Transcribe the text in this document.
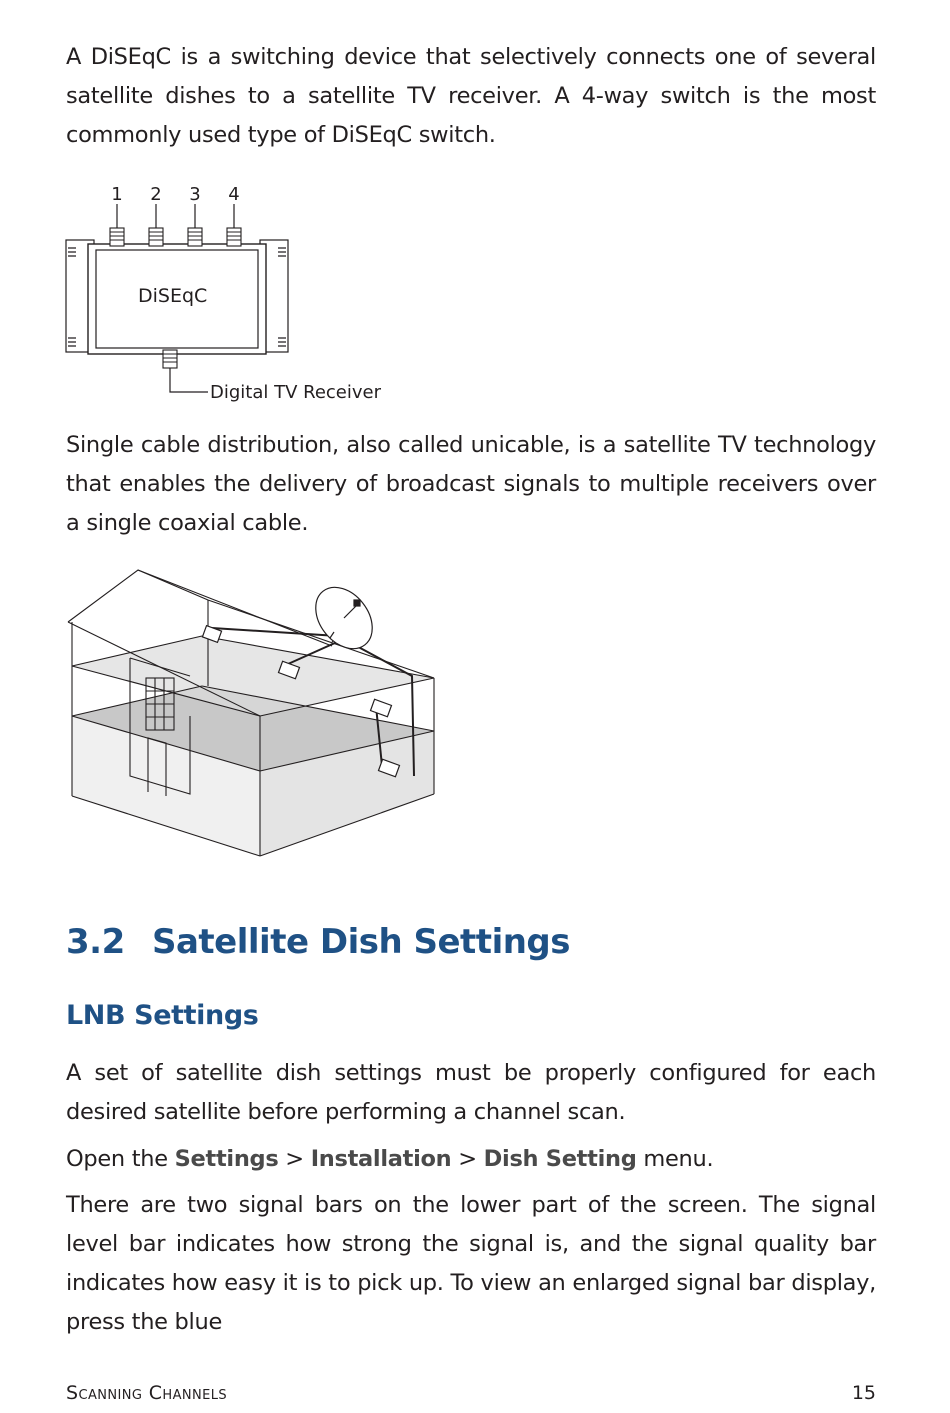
A DiSEqC is a switching device that selectively connects one of several satellite dishes to a satellite TV receiver. A 4-way switch is the most commonly used type of DiSEqC switch.

1 2 3 4
DiSEqC
Digital TV Receiver

Single cable distribution, also called unicable, is a satellite TV technology that enables the delivery of broadcast signals to multiple receivers over a single coaxial cable.

3.2 Satellite Dish Settings
LNB Settings

A set of satellite dish settings must be properly configured for each desired satellite before performing a channel scan.

Open the Settings > Installation > Dish Setting menu.

There are two signal bars on the lower part of the screen. The signal level bar indicates how strong the signal is, and the signal quality bar indicates how easy it is to pick up. To view an enlarged signal bar display, press the blue

Scanning Channels	15
